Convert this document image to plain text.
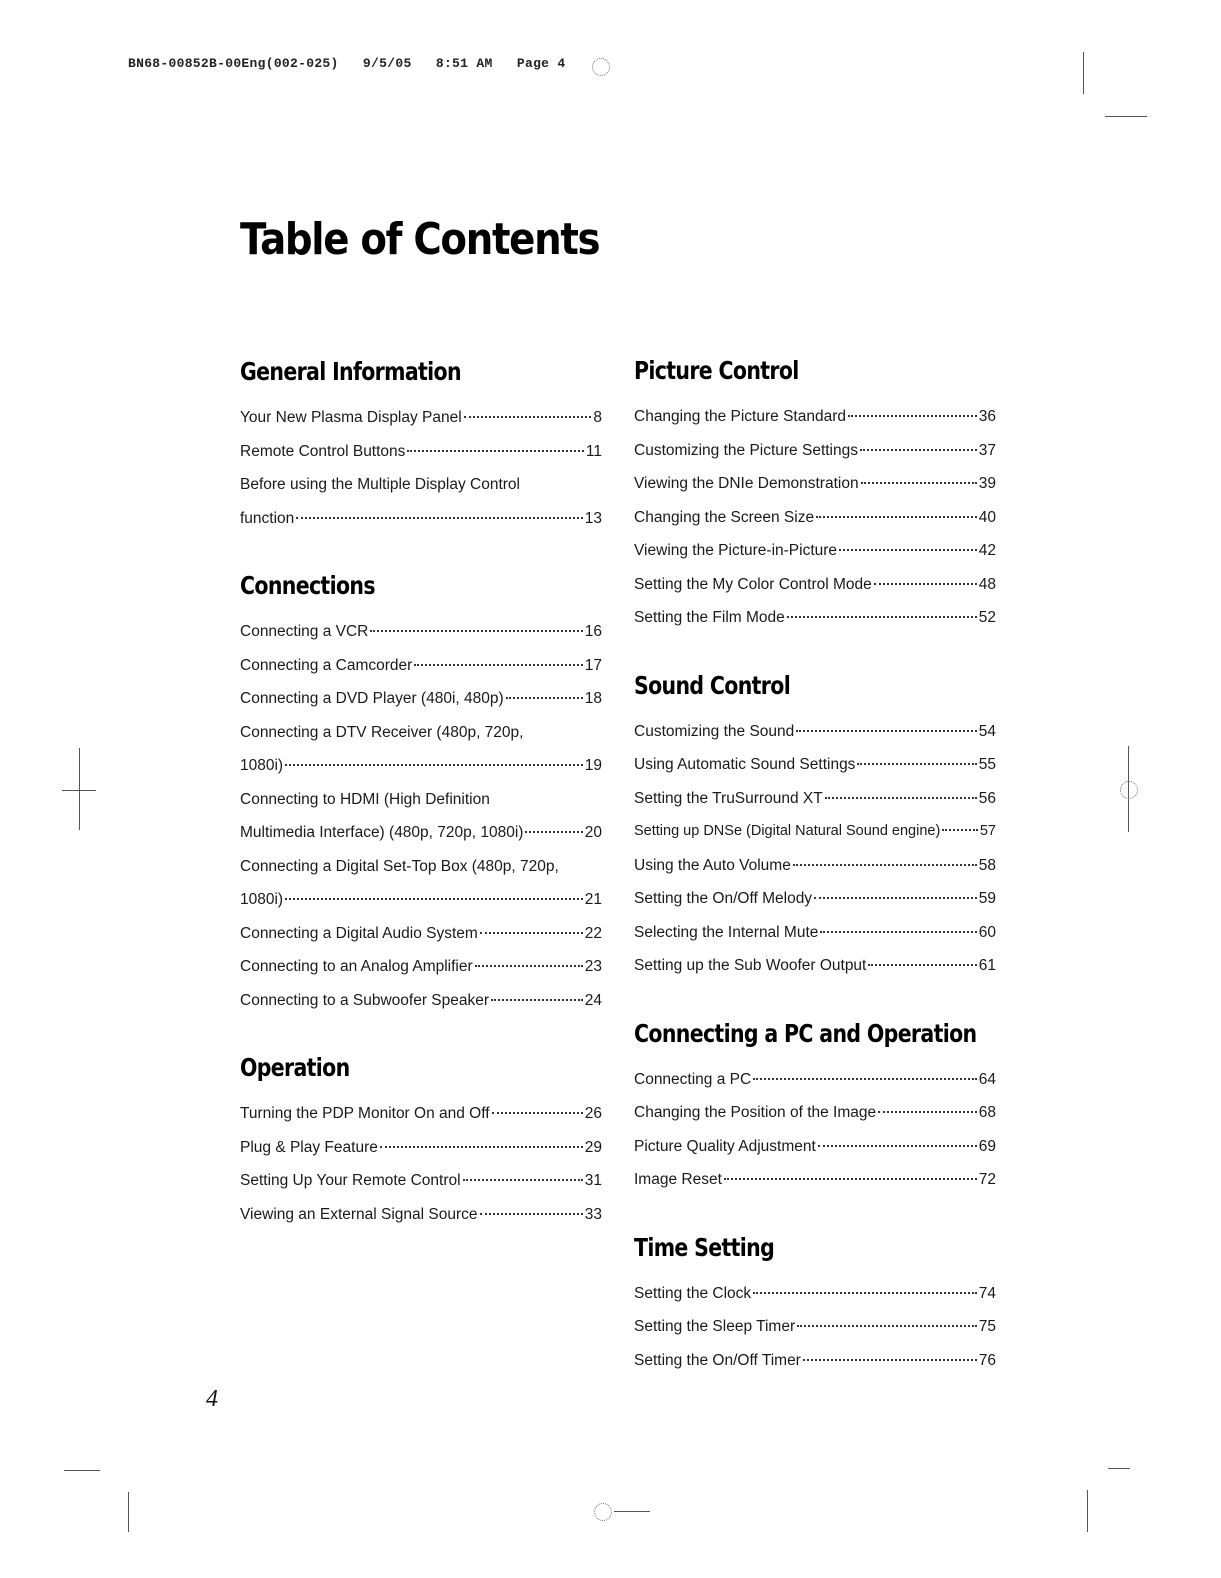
BN68-00852B-00Eng(002-025)   9/5/05   8:51 AM   Page 4
Table of Contents
General Information
Your New Plasma Display Panel	8
Remote Control Buttons	11
Before using the Multiple Display Control
function	13
Connections
Connecting a VCR	16
Connecting a Camcorder	17
Connecting a DVD Player (480i, 480p)	18
Connecting a DTV Receiver (480p, 720p,
1080i)	19
Connecting to HDMI (High Definition
Multimedia Interface) (480p, 720p, 1080i)	20
Connecting a Digital Set-Top Box (480p, 720p,
1080i)	21
Connecting a Digital Audio System	22
Connecting to an Analog Amplifier	23
Connecting to a Subwoofer Speaker	24
Operation
Turning the PDP Monitor On and Off	26
Plug & Play Feature	29
Setting Up Your Remote Control	31
Viewing an External Signal Source	33
Picture Control
Changing the Picture Standard	36
Customizing the Picture Settings	37
Viewing the DNIe Demonstration	39
Changing the Screen Size	40
Viewing the Picture-in-Picture	42
Setting the My Color Control Mode	48
Setting the Film Mode	52
Sound Control
Customizing the Sound	54
Using Automatic Sound Settings	55
Setting the TruSurround XT	56
Setting up DNSe (Digital Natural Sound engine)	57
Using the Auto Volume	58
Setting the On/Off Melody	59
Selecting the Internal Mute	60
Setting up the Sub Woofer Output	61
Connecting a PC and Operation
Connecting a PC	64
Changing the Position of the Image	68
Picture Quality Adjustment	69
Image Reset	72
Time Setting
Setting the Clock	74
Setting the Sleep Timer	75
Setting the On/Off Timer	76
4
